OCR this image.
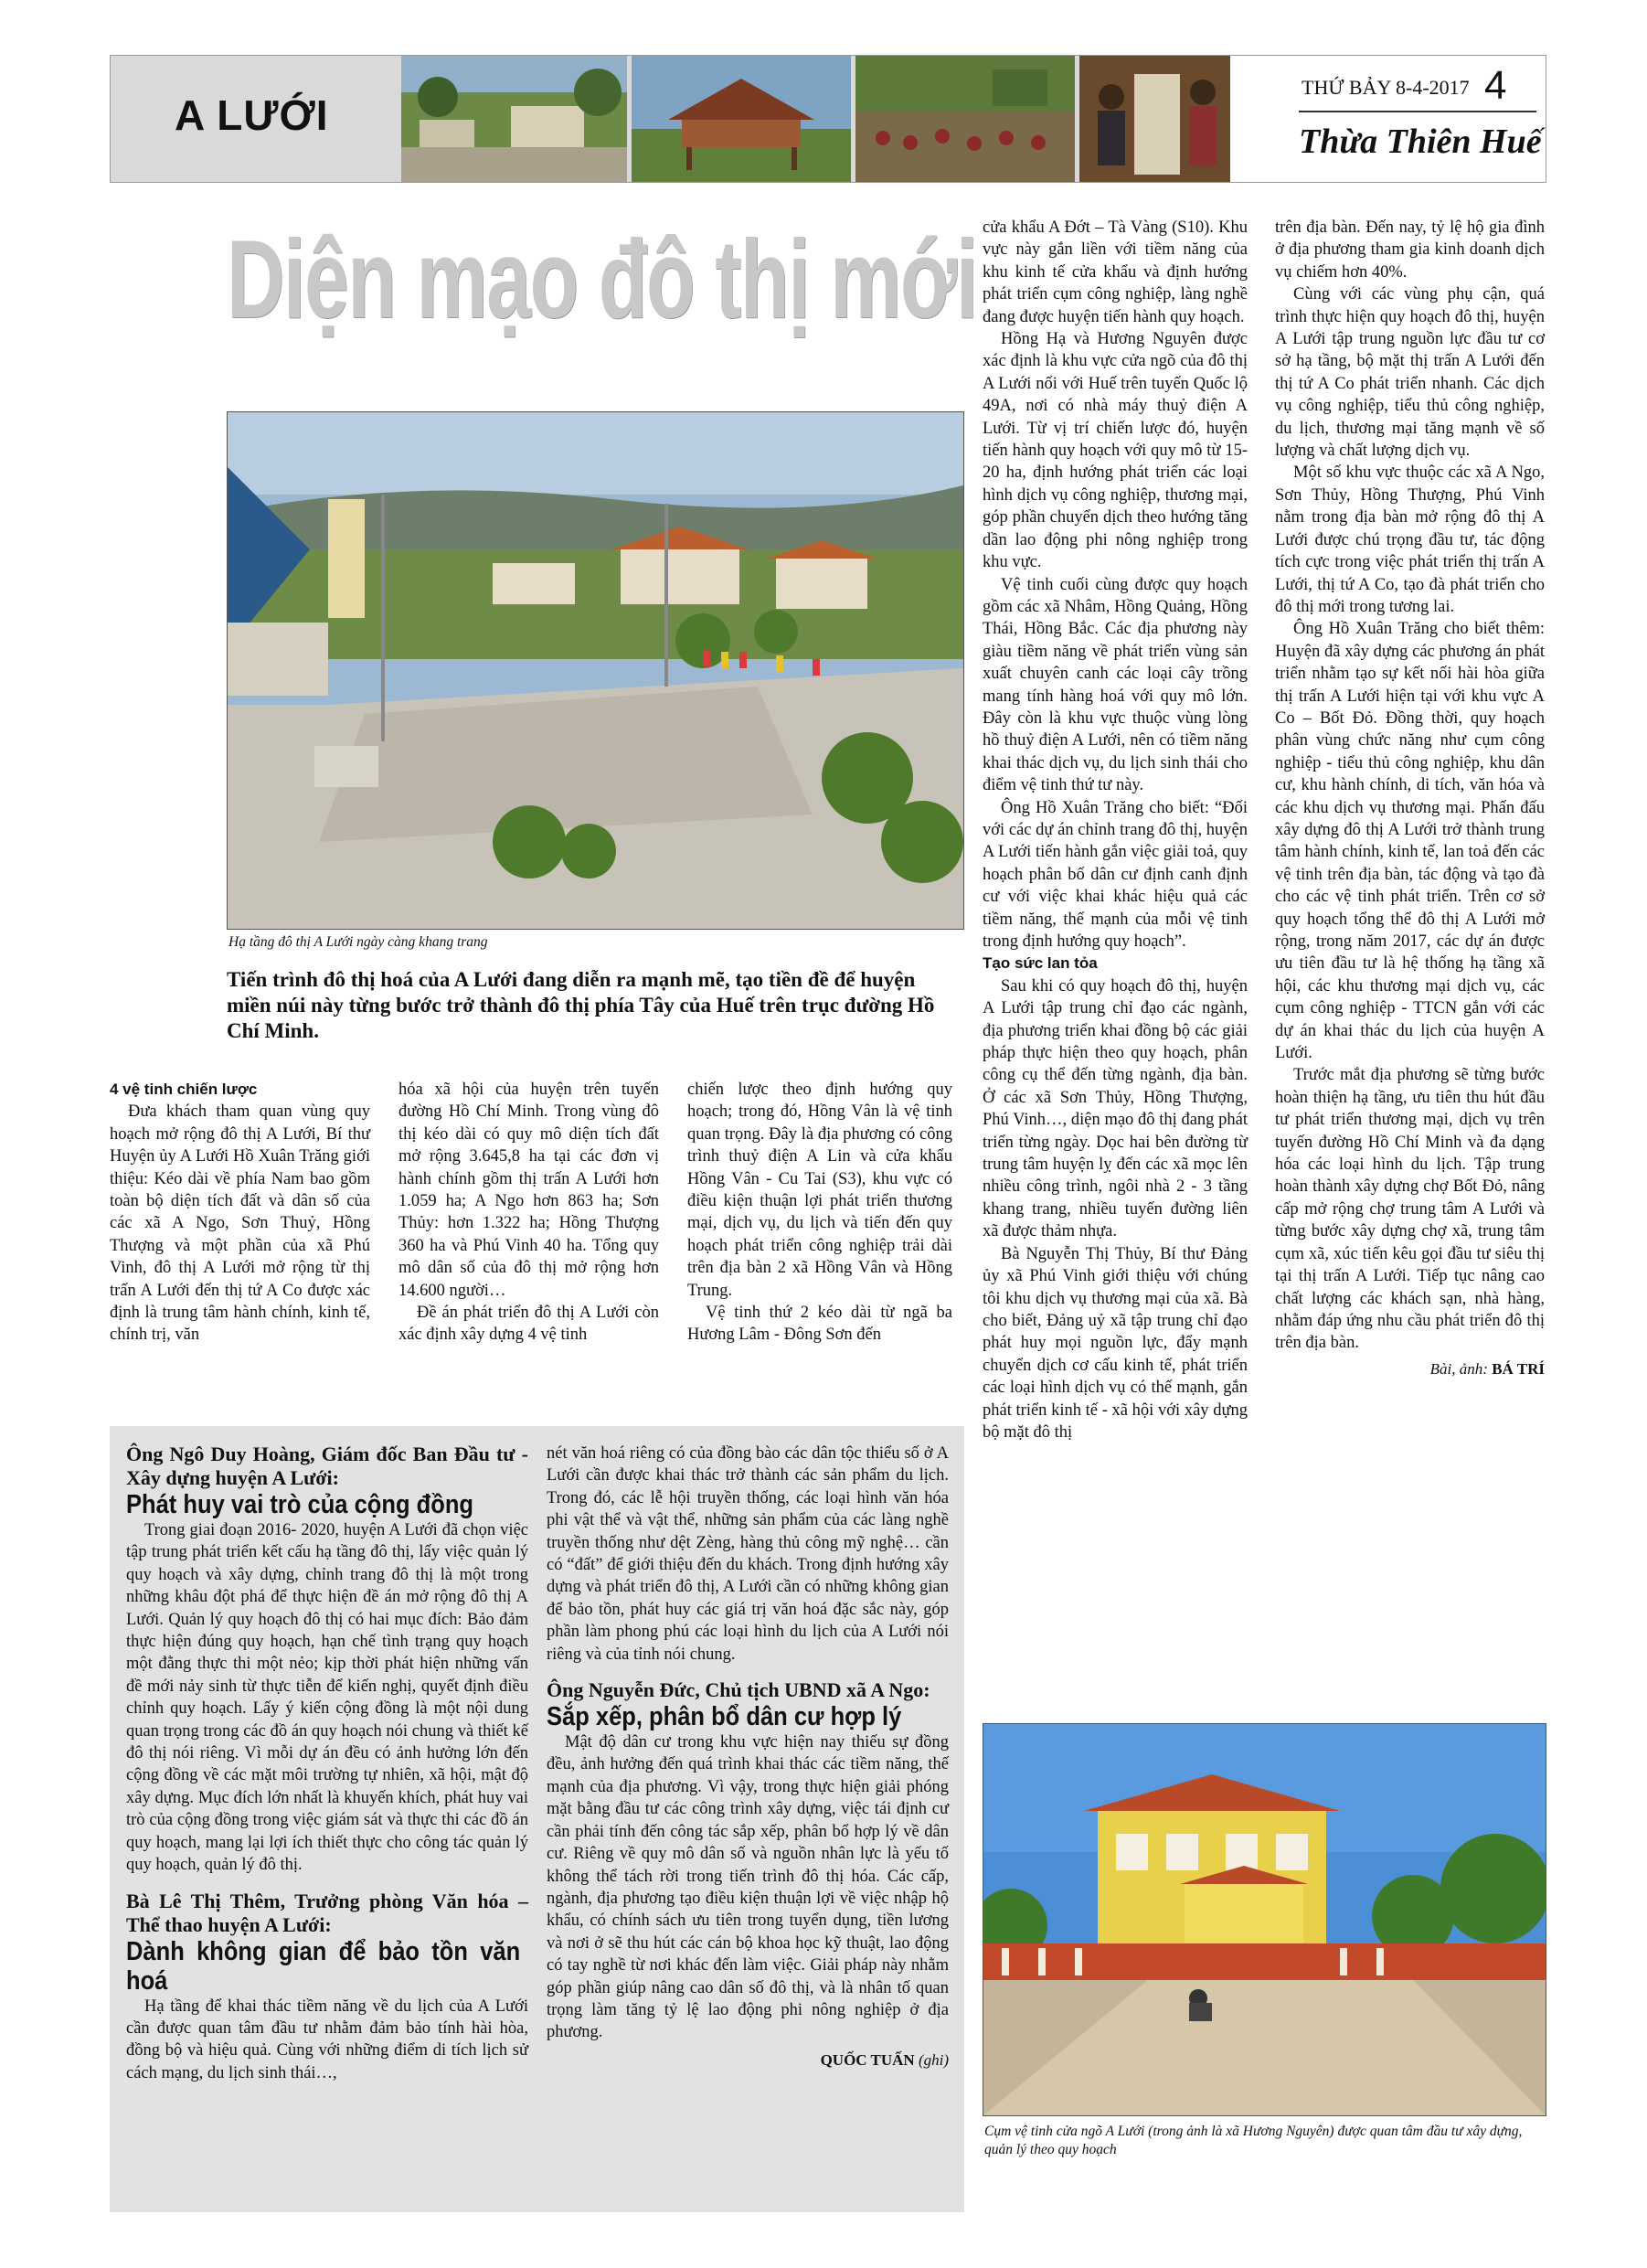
A LƯỚI
THỨ BẢY 8-4-2017 4
Thừa Thiên Huế
Diện mạo đô thị mới
Hạ tầng đô thị A Lưới ngày càng khang trang
Tiến trình đô thị hoá của A Lưới đang diễn ra mạnh mẽ, tạo tiền đề để huyện miền núi này từng bước trở thành đô thị phía Tây của Huế trên trục đường Hồ Chí Minh.

4 vệ tinh chiến lược

Đưa khách tham quan vùng quy hoạch mở rộng đô thị A Lưới, Bí thư Huyện ủy A Lưới Hồ Xuân Trăng giới thiệu: Kéo dài về phía Nam bao gồm toàn bộ diện tích đất và dân số của các xã A Ngo, Sơn Thuỷ, Hồng Thượng và một phần của xã Phú Vinh, đô thị A Lưới mở rộng từ thị trấn A Lưới đến thị tứ A Co được xác định là trung tâm hành chính, kinh tế, chính trị, văn

hóa xã hội của huyện trên tuyến đường Hồ Chí Minh. Trong vùng đô thị kéo dài có quy mô diện tích đất mở rộng 3.645,8 ha tại các đơn vị hành chính gồm thị trấn A Lưới hơn 1.059 ha; A Ngo hơn 863 ha; Sơn Thủy: hơn 1.322 ha; Hồng Thượng 360 ha và Phú Vinh 40 ha. Tổng quy mô dân số của đô thị mở rộng hơn 14.600 người…

Đề án phát triển đô thị A Lưới còn xác định xây dựng 4 vệ tinh

chiến lược theo định hướng quy hoạch; trong đó, Hồng Vân là vệ tinh quan trọng. Đây là địa phương có công trình thuỷ điện A Lin và cửa khẩu Hồng Vân - Cu Tai (S3), khu vực có điều kiện thuận lợi phát triển thương mại, dịch vụ, du lịch và tiến đến quy hoạch phát triển công nghiệp trải dài trên địa bàn 2 xã Hồng Vân và Hồng Trung.

Vệ tinh thứ 2 kéo dài từ ngã ba Hương Lâm - Đông Sơn đến

cửa khẩu A Đớt – Tà Vàng (S10). Khu vực này gắn liền với tiềm năng của khu kinh tế cửa khẩu và định hướng phát triển cụm công nghiệp, làng nghề đang được huyện tiến hành quy hoạch.

Hồng Hạ và Hương Nguyên được xác định là khu vực cửa ngõ của đô thị A Lưới nối với Huế trên tuyến Quốc lộ 49A, nơi có nhà máy thuỷ điện A Lưới. Từ vị trí chiến lược đó, huyện tiến hành quy hoạch với quy mô từ 15-20 ha, định hướng phát triển các loại hình dịch vụ công nghiệp, thương mại, góp phần chuyển dịch theo hướng tăng dần lao động phi nông nghiệp trong khu vực.

Vệ tinh cuối cùng được quy hoạch gồm các xã Nhâm, Hồng Quảng, Hồng Thái, Hồng Bắc. Các địa phương này giàu tiềm năng về phát triển vùng sản xuất chuyên canh các loại cây trồng mang tính hàng hoá với quy mô lớn. Đây còn là khu vực thuộc vùng lòng hồ thuỷ điện A Lưới, nên có tiềm năng khai thác dịch vụ, du lịch sinh thái cho điểm vệ tinh thứ tư này.

Ông Hồ Xuân Trăng cho biết: “Đối với các dự án chỉnh trang đô thị, huyện A Lưới tiến hành gắn việc giải toả, quy hoạch phân bố dân cư định canh định cư với việc khai khác hiệu quả các tiềm năng, thế mạnh của mỗi vệ tinh trong định hướng quy hoạch”.

Tạo sức lan tỏa

Sau khi có quy hoạch đô thị, huyện A Lưới tập trung chỉ đạo các ngành, địa phương triển khai đồng bộ các giải pháp thực hiện theo quy hoạch, phân công cụ thể đến từng ngành, địa bàn. Ở các xã Sơn Thủy, Hồng Thượng, Phú Vinh…, diện mạo đô thị đang phát triển từng ngày. Dọc hai bên đường từ trung tâm huyện lỵ đến các xã mọc lên nhiều công trình, ngôi nhà 2 - 3 tầng khang trang, nhiều tuyến đường liên xã được thảm nhựa.

Bà Nguyễn Thị Thủy, Bí thư Đảng ủy xã Phú Vinh giới thiệu với chúng tôi khu dịch vụ thương mại của xã. Bà cho biết, Đảng uỷ xã tập trung chỉ đạo phát huy mọi nguồn lực, đẩy mạnh chuyển dịch cơ cấu kinh tế, phát triển các loại hình dịch vụ có thế mạnh, gắn phát triển kinh tế - xã hội với xây dựng bộ mặt đô thị

trên địa bàn. Đến nay, tỷ lệ hộ gia đình ở địa phương tham gia kinh doanh dịch vụ chiếm hơn 40%.

Cùng với các vùng phụ cận, quá trình thực hiện quy hoạch đô thị, huyện A Lưới tập trung nguồn lực đầu tư cơ sở hạ tầng, bộ mặt thị trấn A Lưới đến thị tứ A Co phát triển nhanh. Các dịch vụ công nghiệp, tiểu thủ công nghiệp, du lịch, thương mại tăng mạnh về số lượng và chất lượng dịch vụ.

Một số khu vực thuộc các xã A Ngo, Sơn Thủy, Hồng Thượng, Phú Vinh nằm trong địa bàn mở rộng đô thị A Lưới được chú trọng đầu tư, tác động tích cực trong việc phát triển thị trấn A Lưới, thị tứ A Co, tạo đà phát triển cho đô thị mới trong tương lai.

Ông Hồ Xuân Trăng cho biết thêm: Huyện đã xây dựng các phương án phát triển nhằm tạo sự kết nối hài hòa giữa thị trấn A Lưới hiện tại với khu vực A Co – Bốt Đỏ. Đồng thời, quy hoạch phân vùng chức năng như cụm công nghiệp - tiểu thủ công nghiệp, khu dân cư, khu hành chính, di tích, văn hóa và các khu dịch vụ thương mại. Phấn đấu xây dựng đô thị A Lưới trở thành trung tâm hành chính, kinh tế, lan toả đến các vệ tinh trên địa bàn, tác động và tạo đà cho các vệ tinh phát triển. Trên cơ sở quy hoạch tổng thể đô thị A Lưới mở rộng, trong năm 2017, các dự án được ưu tiên đầu tư là hệ thống hạ tầng xã hội, các khu thương mại dịch vụ, các cụm công nghiệp - TTCN gắn với các dự án khai thác du lịch của huyện A Lưới.

Trước mắt địa phương sẽ từng bước hoàn thiện hạ tầng, ưu tiên thu hút đầu tư phát triển thương mại, dịch vụ trên tuyến đường Hồ Chí Minh và đa dạng hóa các loại hình du lịch. Tập trung hoàn thành xây dựng chợ Bốt Đỏ, nâng cấp mở rộng chợ trung tâm A Lưới và từng bước xây dựng chợ xã, trung tâm cụm xã, xúc tiến kêu gọi đầu tư siêu thị tại thị trấn A Lưới. Tiếp tục nâng cao chất lượng các khách sạn, nhà hàng, nhằm đáp ứng nhu cầu phát triển đô thị trên địa bàn.

Bài, ảnh: BÁ TRÍ
Ông Ngô Duy Hoàng, Giám đốc Ban Đầu tư - Xây dựng huyện A Lưới:
Phát huy vai trò của cộng đồng

Trong giai đoạn 2016- 2020, huyện A Lưới đã chọn việc tập trung phát triển kết cấu hạ tầng đô thị, lấy việc quản lý quy hoạch và xây dựng, chỉnh trang đô thị là một trong những khâu đột phá để thực hiện đề án mở rộng đô thị A Lưới. Quản lý quy hoạch đô thị có hai mục đích: Bảo đảm thực hiện đúng quy hoạch, hạn chế tình trạng quy hoạch một đằng thực thi một nẻo; kịp thời phát hiện những vấn đề mới nảy sinh từ thực tiễn để kiến nghị, quyết định điều chỉnh quy hoạch. Lấy ý kiến cộng đồng là một nội dung quan trọng trong các đồ án quy hoạch nói chung và thiết kế đô thị nói riêng. Vì mỗi dự án đều có ảnh hưởng lớn đến cộng đồng về các mặt môi trường tự nhiên, xã hội, mật độ xây dựng. Mục đích lớn nhất là khuyến khích, phát huy vai trò của cộng đồng trong việc giám sát và thực thi các đồ án quy hoạch, mang lại lợi ích thiết thực cho công tác quản lý quy hoạch, quản lý đô thị.

Bà Lê Thị Thêm, Trưởng phòng Văn hóa – Thể thao huyện A Lưới:
Dành không gian để bảo tồn văn hoá

Hạ tầng để khai thác tiềm năng về du lịch của A Lưới cần được quan tâm đầu tư nhằm đảm bảo tính hài hòa, đồng bộ và hiệu quả. Cùng với những điểm di tích lịch sử cách mạng, du lịch sinh thái…,

nét văn hoá riêng có của đồng bào các dân tộc thiểu số ở A Lưới cần được khai thác trở thành các sản phẩm du lịch. Trong đó, các lễ hội truyền thống, các loại hình văn hóa phi vật thể và vật thể, những sản phẩm của các làng nghề truyền thống như dệt Zèng, hàng thủ công mỹ nghệ… cần có “đất” để giới thiệu đến du khách. Trong định hướng xây dựng và phát triển đô thị, A Lưới cần có những không gian để bảo tồn, phát huy các giá trị văn hoá đặc sắc này, góp phần làm phong phú các loại hình du lịch của A Lưới nói riêng và của tỉnh nói chung.

Ông Nguyễn Đức, Chủ tịch UBND xã A Ngo:
Sắp xếp, phân bổ dân cư hợp lý

Mật độ dân cư trong khu vực hiện nay thiếu sự đồng đều, ảnh hưởng đến quá trình khai thác các tiềm năng, thế mạnh của địa phương. Vì vậy, trong thực hiện giải phóng mặt bằng đầu tư các công trình xây dựng, việc tái định cư cần phải tính đến công tác sắp xếp, phân bổ hợp lý về dân cư. Riêng về quy mô dân số và nguồn nhân lực là yếu tố không thể tách rời trong tiến trình đô thị hóa. Các cấp, ngành, địa phương tạo điều kiện thuận lợi về việc nhập hộ khẩu, có chính sách ưu tiên trong tuyển dụng, tiền lương và nơi ở sẽ thu hút các cán bộ khoa học kỹ thuật, lao động có tay nghề từ nơi khác đến làm việc. Giải pháp này nhằm góp phần giúp nâng cao dân số đô thị, và là nhân tố quan trọng làm tăng tỷ lệ lao động phi nông nghiệp ở địa phương.

QUỐC TUẤN (ghi)
Cụm vệ tinh cửa ngõ A Lưới (trong ảnh là xã Hương Nguyên) được quan tâm đầu tư xây dựng, quản lý theo quy hoạch
